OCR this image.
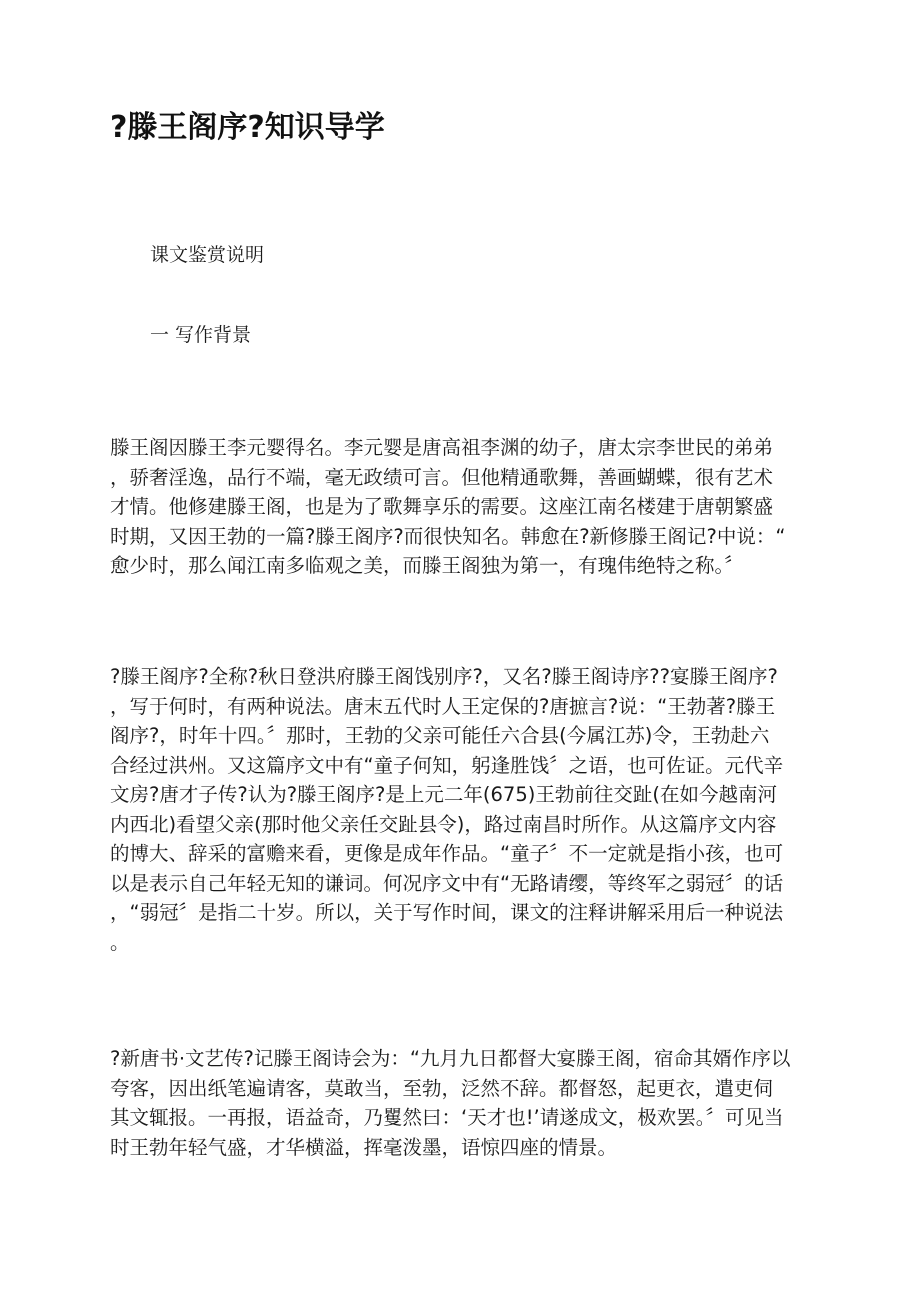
?滕王阁序?知识导学

课文鉴赏说明

一 写作背景

滕王阁因滕王李元婴得名。李元婴是唐高祖李渊的幼子，唐太宗李世民的弟弟
，骄奢淫逸，品行不端，毫无政绩可言。但他精通歌舞，善画蝴蝶，很有艺术
才情。他修建滕王阁，也是为了歌舞享乐的需要。这座江南名楼建于唐朝繁盛
时期，又因王勃的一篇?滕王阁序?而很快知名。韩愈在?新修滕王阁记?中说：“
愈少时，那么闻江南多临观之美，而滕王阁独为第一，有瑰伟绝特之称。〞
?滕王阁序?全称?秋日登洪府滕王阁饯别序?，又名?滕王阁诗序??宴滕王阁序?
，写于何时，有两种说法。唐末五代时人王定保的?唐摭言?说：“王勃著?滕王
阁序?，时年十四。〞那时，王勃的父亲可能任六合县(今属江苏)令，王勃赴六
合经过洪州。又这篇序文中有“童子何知，躬逢胜饯〞之语，也可佐证。元代辛
文房?唐才子传?认为?滕王阁序?是上元二年(675)王勃前往交趾(在如今越南河
内西北)看望父亲(那时他父亲任交趾县令)，路过南昌时所作。从这篇序文内容
的博大、辞采的富赡来看，更像是成年作品。“童子〞不一定就是指小孩，也可
以是表示自己年轻无知的谦词。何况序文中有“无路请缨，等终军之弱冠〞的话
，“弱冠〞是指二十岁。所以，关于写作时间，课文的注释讲解采用后一种说法
。
?新唐书·文艺传?记滕王阁诗会为：“九月九日都督大宴滕王阁，宿命其婿作序以
夸客，因出纸笔遍请客，莫敢当，至勃，泛然不辞。都督怒，起更衣，遣吏伺
其文辄报。一再报，语益奇，乃矍然曰：‘天才也!’请遂成文，极欢罢。〞可见当
时王勃年轻气盛，才华横溢，挥毫泼墨，语惊四座的情景。
